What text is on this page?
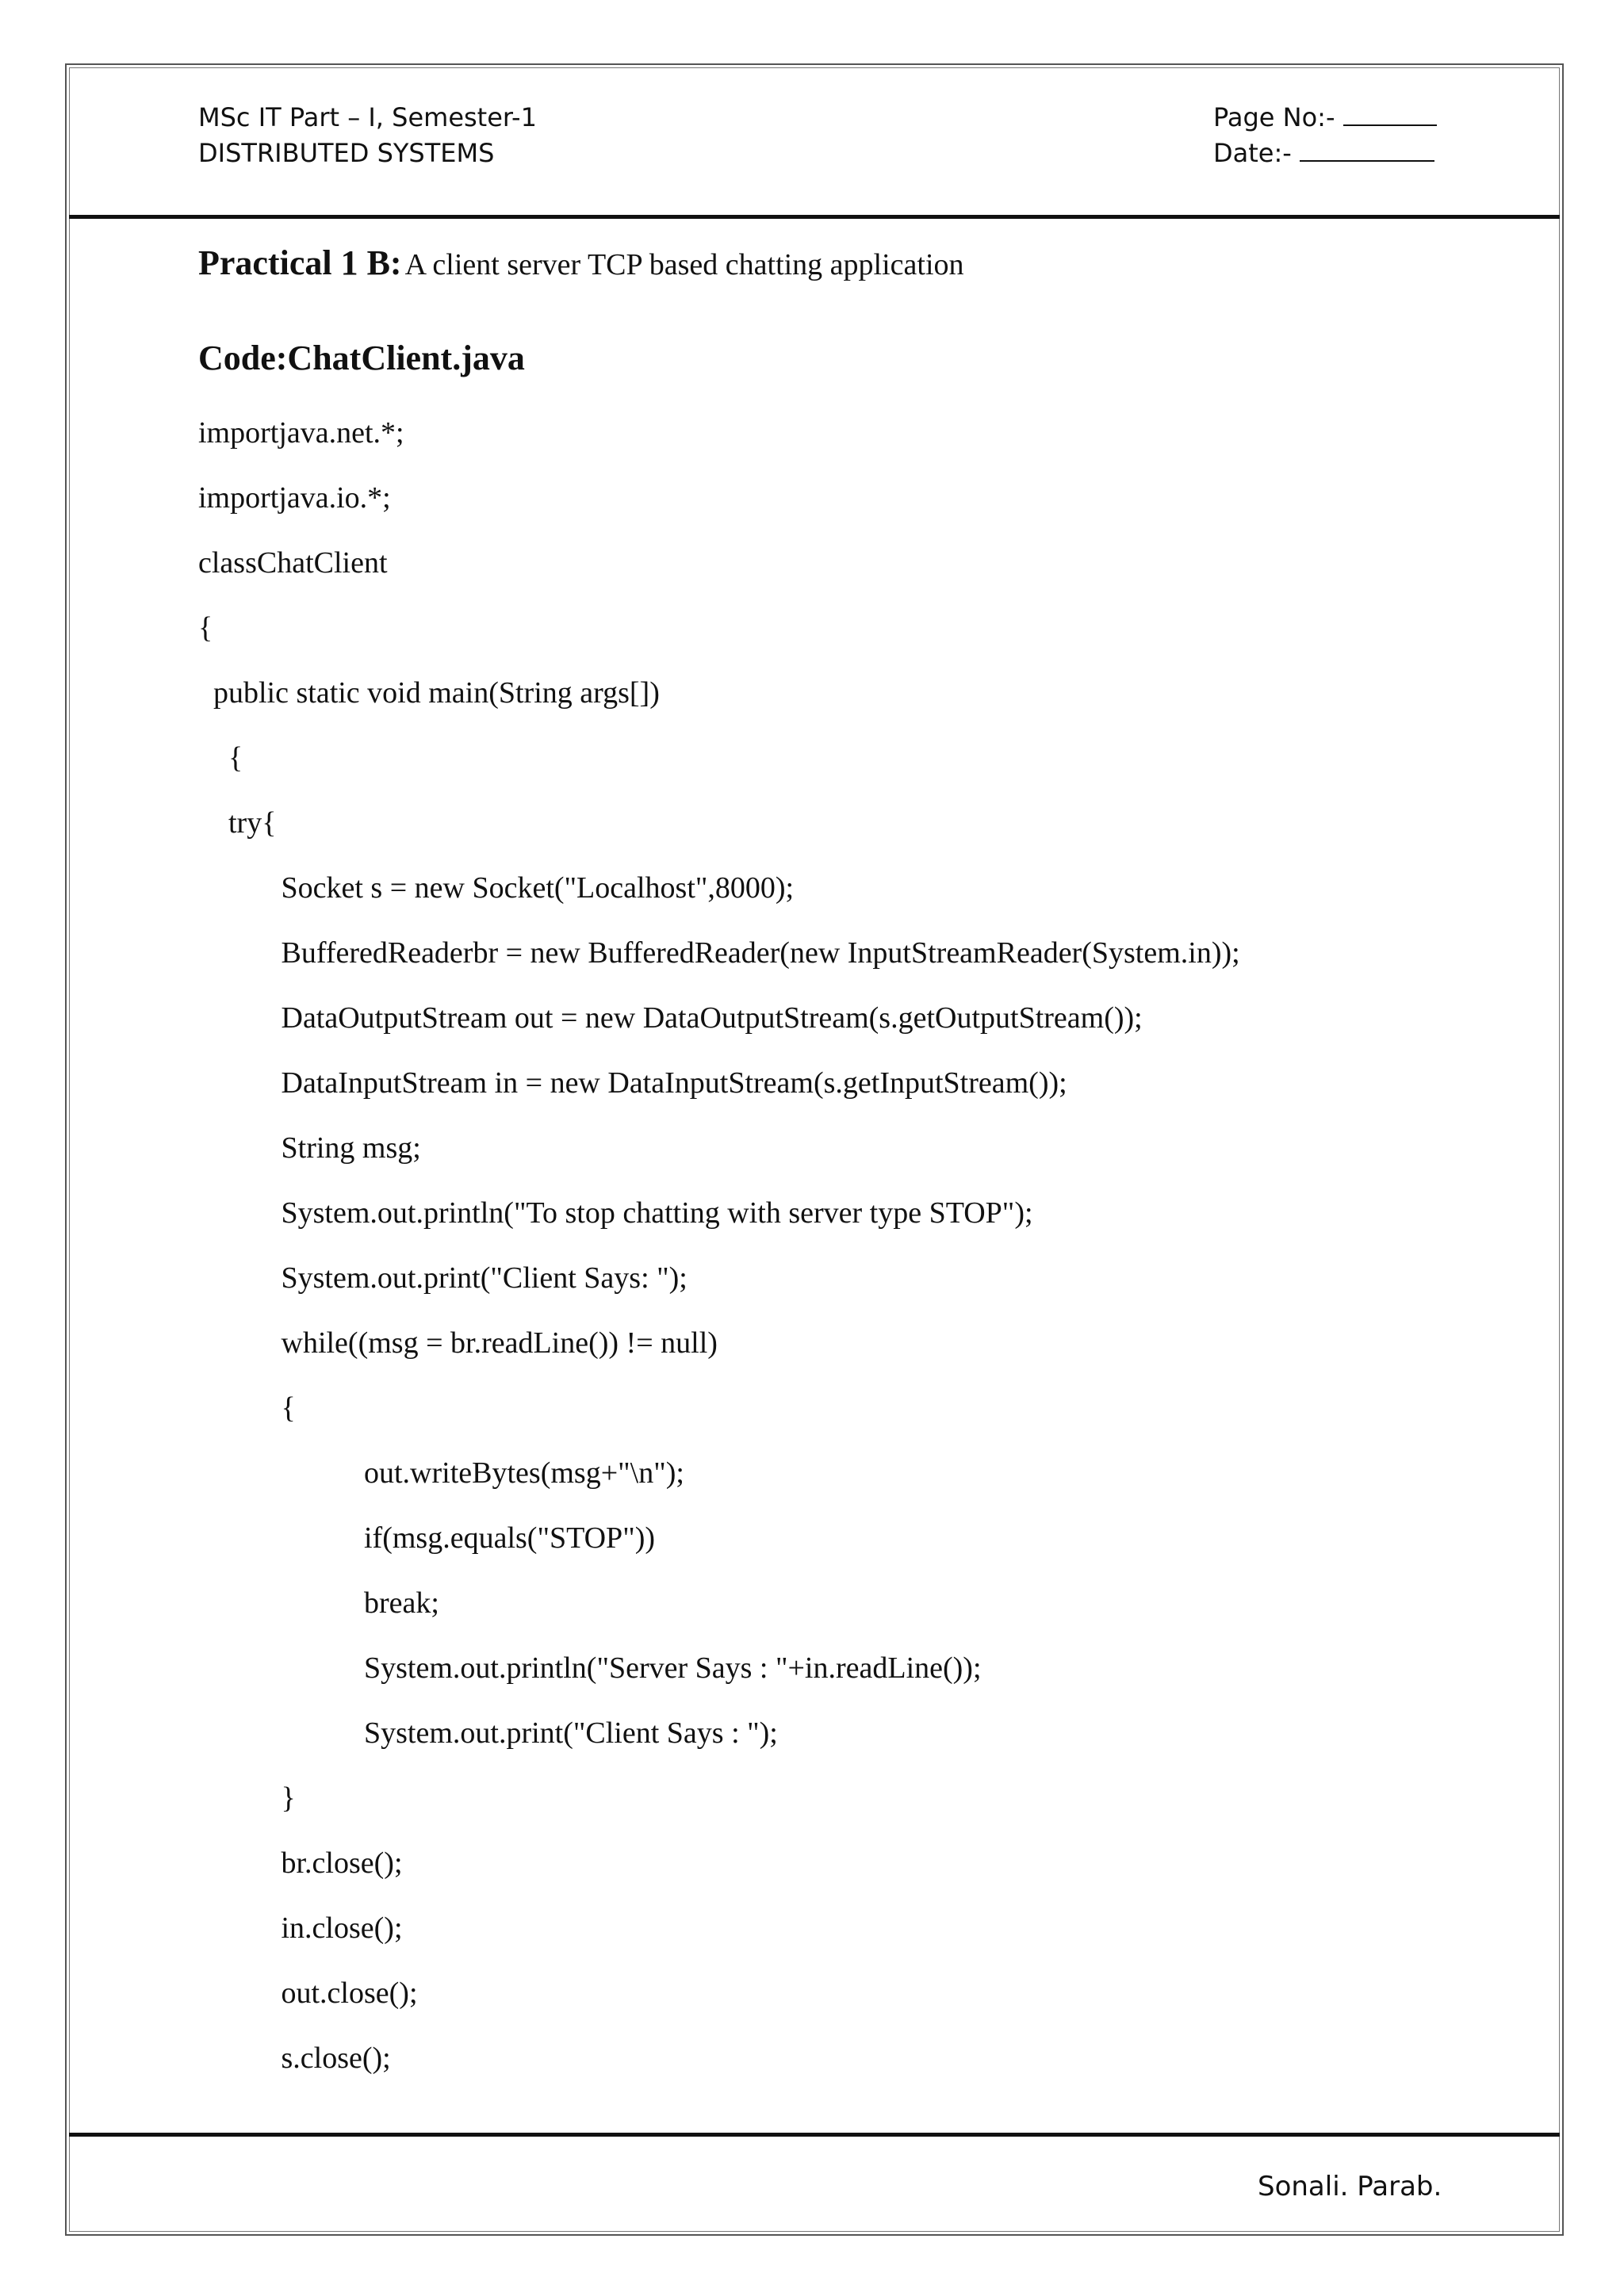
MSc IT Part – I, Semester-1
DISTRIBUTED SYSTEMS
Page No:-
Date:-
Practical 1 B: A client server TCP based chatting application
Code:ChatClient.java
importjava.net.*;
importjava.io.*;
classChatClient
{
public static void main(String args[])
{
try{
Socket s = new Socket("Localhost",8000);
BufferedReaderbr = new BufferedReader(new InputStreamReader(System.in));
DataOutputStream out = new DataOutputStream(s.getOutputStream());
DataInputStream in = new DataInputStream(s.getInputStream());
String msg;
System.out.println("To stop chatting with server type STOP");
System.out.print("Client Says: ");
while((msg = br.readLine()) != null)
{
out.writeBytes(msg+"\n");
if(msg.equals("STOP"))
break;
System.out.println("Server Says : "+in.readLine());
System.out.print("Client Says : ");
}
br.close();
in.close();
out.close();
s.close();
Sonali. Parab.
